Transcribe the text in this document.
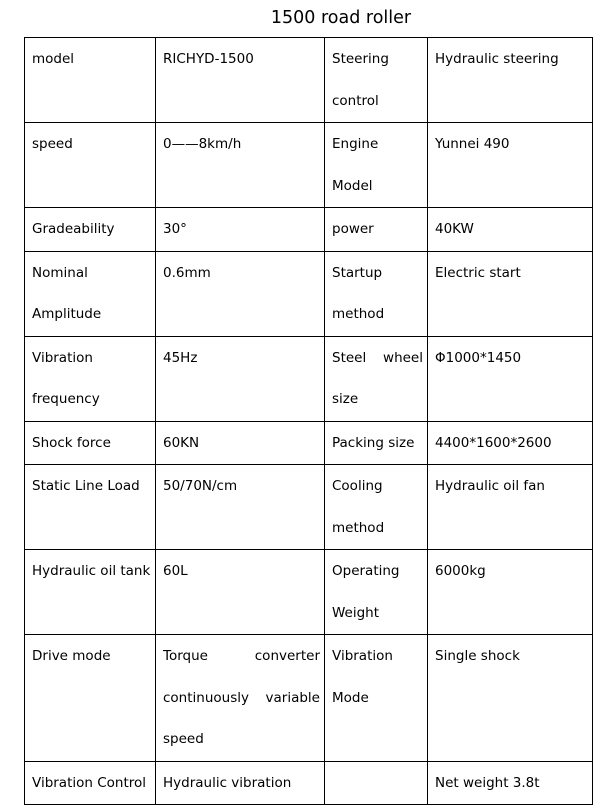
1500 road roller
model	RICHYD-1500	Steering control	Hydraulic steering

speed	0——8km/h	Engine Model	Yunnei 490

Gradeability	30°	power	40KW

Nominal Amplitude	0.6mm	Startup method	Electric start

Vibration frequency	45Hz	Steel wheel size	Φ1000*1450

Shock force	60KN	Packing size	4400*1600*2600

Static Line Load	50/70N/cm	Cooling method	Hydraulic oil fan

Hydraulic oil tank	60L	Operating Weight	6000kg

Drive mode	Torque converter continuously variable speed	Vibration Mode	Single shock

Vibration Control	Hydraulic vibration		Net weight 3.8t
